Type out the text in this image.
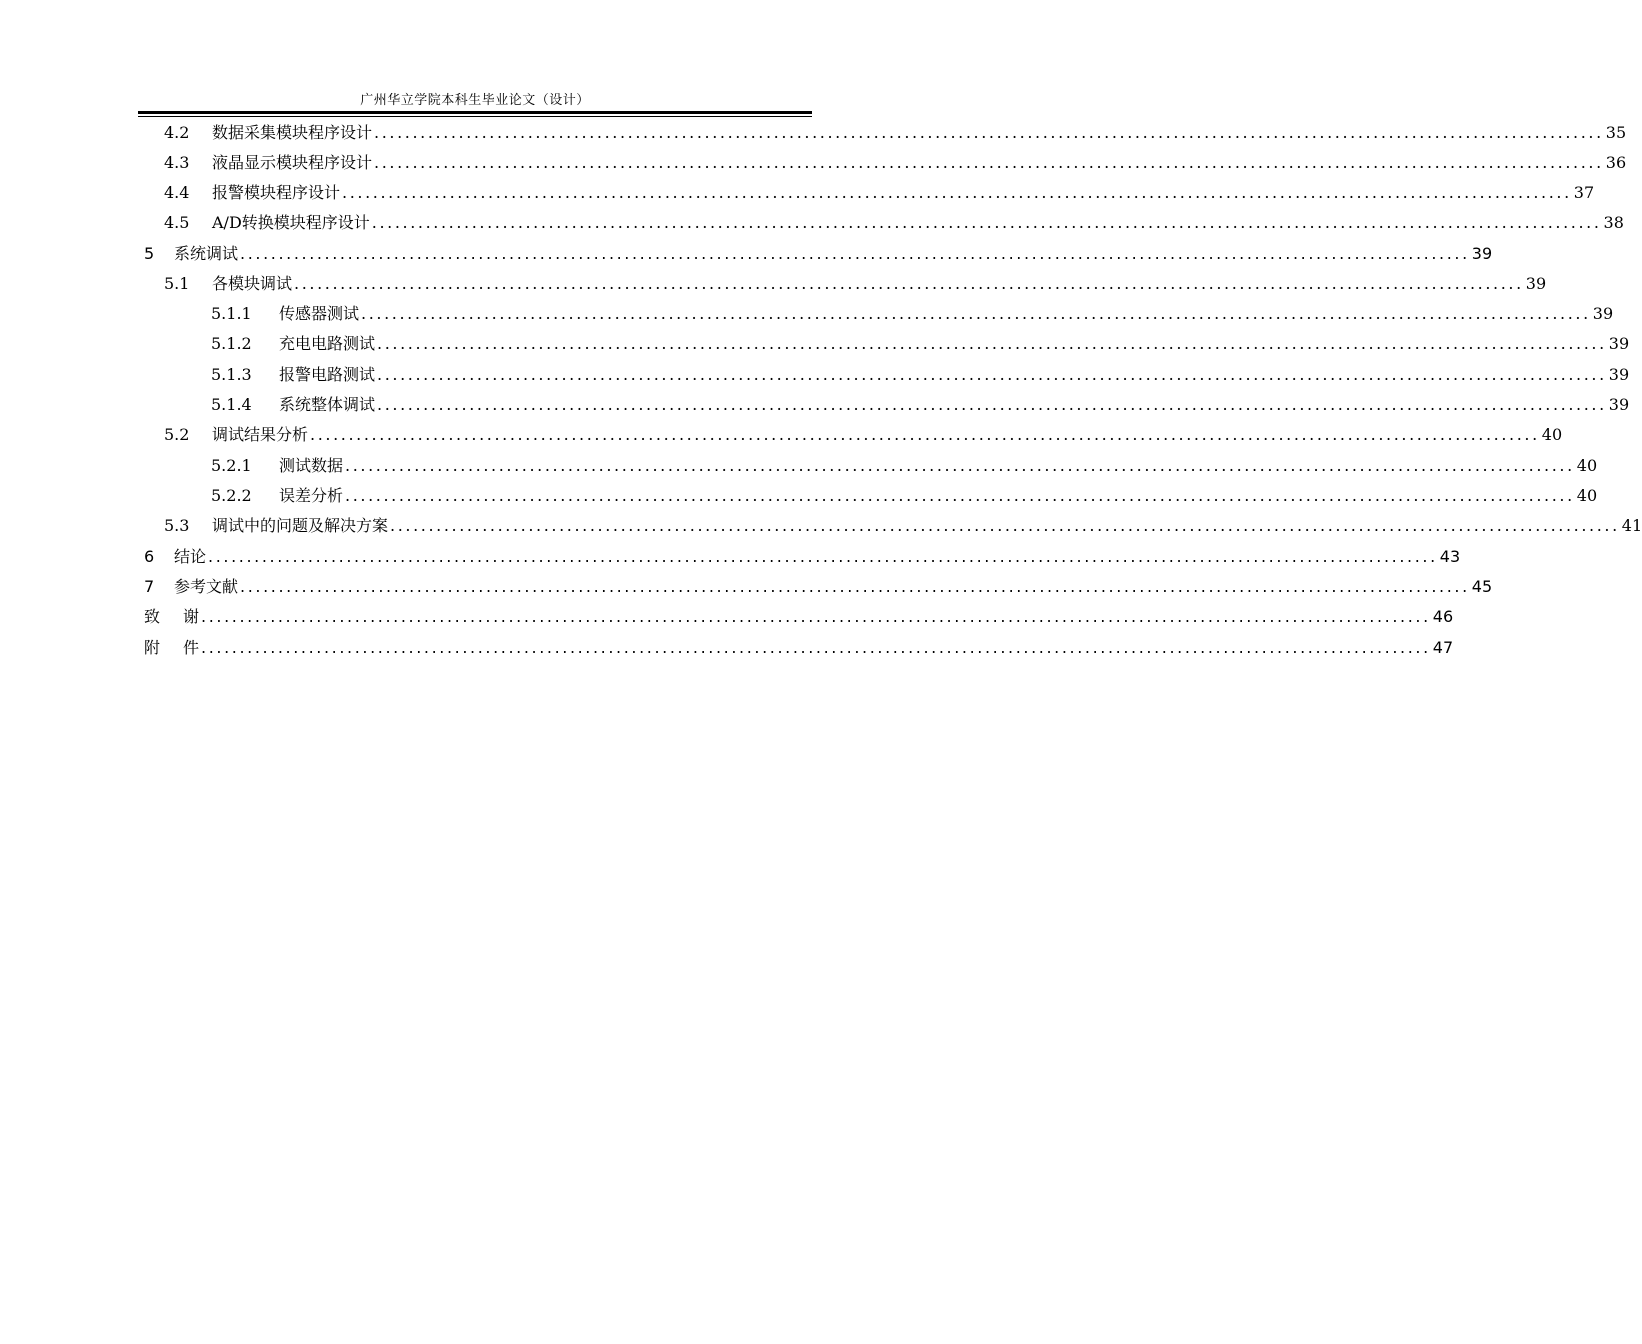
广州华立学院本科生毕业论文（设计）
4.2	数据采集模块程序设计 ................................................................................................................................................................ 35
4.3	液晶显示模块程序设计 ................................................................................................................................................................ 36
4.4	报警模块程序设计 ................................................................................................................................................................ 37
4.5	A/D转换模块程序设计 ................................................................................................................................................................ 38
5	系统调试 ................................................................................................................................................................ 39
5.1	各模块调试 ................................................................................................................................................................ 39
5.1.1	传感器测试 ................................................................................................................................................................ 39
5.1.2	充电电路测试 ................................................................................................................................................................ 39
5.1.3	报警电路测试 ................................................................................................................................................................ 39
5.1.4	系统整体调试 ................................................................................................................................................................ 39
5.2	调试结果分析 ................................................................................................................................................................ 40
5.2.1	测试数据 ................................................................................................................................................................ 40
5.2.2	误差分析 ................................................................................................................................................................ 40
5.3	调试中的问题及解决方案 ................................................................................................................................................................ 41
6	结论 ................................................................................................................................................................ 43
7	参考文献 ................................................................................................................................................................ 45
致	谢 ................................................................................................................................................................ 46
附	件 ................................................................................................................................................................ 47
